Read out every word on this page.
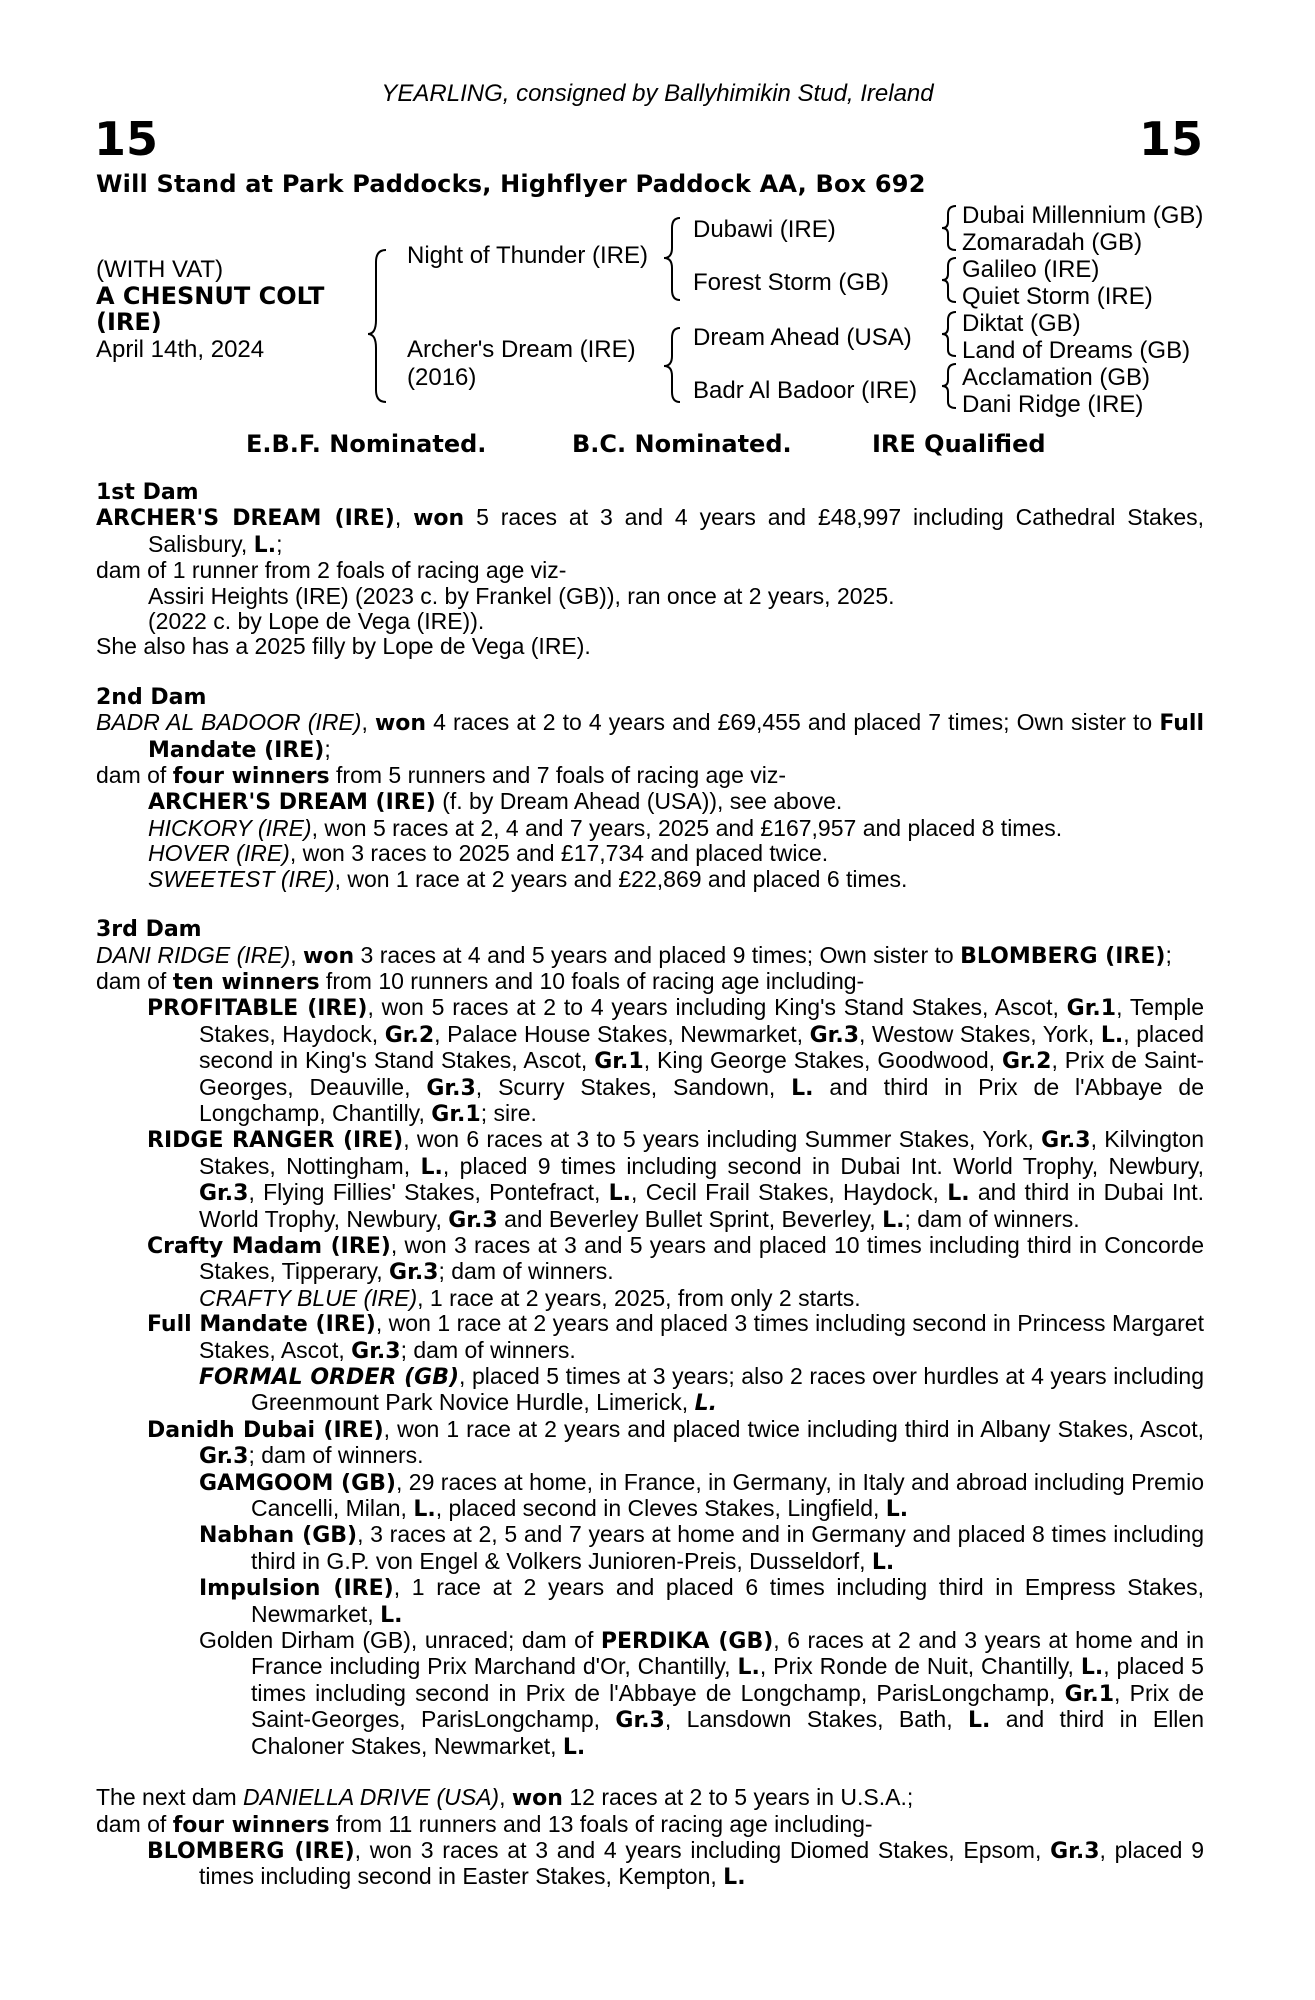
YEARLING, consigned by Ballyhimikin Stud, Ireland
15	15
Will Stand at Park Paddocks, Highflyer Paddock AA, Box 692
(WITH VAT)
A CHESNUT COLT
(IRE)
April 14th, 2024
Night of Thunder (IRE)
Archer's Dream (IRE)
(2016)
Dubawi (IRE)
Forest Storm (GB)
Dream Ahead (USA)
Badr Al Badoor (IRE)
Dubai Millennium (GB)
Zomaradah (GB)
Galileo (IRE)
Quiet Storm (IRE)
Diktat (GB)
Land of Dreams (GB)
Acclamation (GB)
Dani Ridge (IRE)
E.B.F. Nominated.	B.C. Nominated.	IRE Qualified

1st Dam

ARCHER'S DREAM (IRE), won 5 races at 3 and 4 years and £48,997 including Cathedral Stakes, Salisbury, L.;

dam of 1 runner from 2 foals of racing age viz-

Assiri Heights (IRE) (2023 c. by Frankel (GB)), ran once at 2 years, 2025.

(2022 c. by Lope de Vega (IRE)).

She also has a 2025 filly by Lope de Vega (IRE).

2nd Dam

BADR AL BADOOR (IRE), won 4 races at 2 to 4 years and £69,455 and placed 7 times; Own sister to Full Mandate (IRE);

dam of four winners from 5 runners and 7 foals of racing age viz-

ARCHER'S DREAM (IRE) (f. by Dream Ahead (USA)), see above.

HICKORY (IRE), won 5 races at 2, 4 and 7 years, 2025 and £167,957 and placed 8 times.

HOVER (IRE), won 3 races to 2025 and £17,734 and placed twice.

SWEETEST (IRE), won 1 race at 2 years and £22,869 and placed 6 times.

3rd Dam

DANI RIDGE (IRE), won 3 races at 4 and 5 years and placed 9 times; Own sister to BLOMBERG (IRE);

dam of ten winners from 10 runners and 10 foals of racing age including-

PROFITABLE (IRE), won 5 races at 2 to 4 years including King's Stand Stakes, Ascot, Gr.1, Temple Stakes, Haydock, Gr.2, Palace House Stakes, Newmarket, Gr.3, Westow Stakes, York, L., placed second in King's Stand Stakes, Ascot, Gr.1, King George Stakes, Goodwood, Gr.2, Prix de Saint-Georges, Deauville, Gr.3, Scurry Stakes, Sandown, L. and third in Prix de l'Abbaye de Longchamp, Chantilly, Gr.1; sire.

RIDGE RANGER (IRE), won 6 races at 3 to 5 years including Summer Stakes, York, Gr.3, Kilvington Stakes, Nottingham, L., placed 9 times including second in Dubai Int. World Trophy, Newbury, Gr.3, Flying Fillies' Stakes, Pontefract, L., Cecil Frail Stakes, Haydock, L. and third in Dubai Int. World Trophy, Newbury, Gr.3 and Beverley Bullet Sprint, Beverley, L.; dam of winners.

Crafty Madam (IRE), won 3 races at 3 and 5 years and placed 10 times including third in Concorde Stakes, Tipperary, Gr.3; dam of winners.

CRAFTY BLUE (IRE), 1 race at 2 years, 2025, from only 2 starts.

Full Mandate (IRE), won 1 race at 2 years and placed 3 times including second in Princess Margaret Stakes, Ascot, Gr.3; dam of winners.

FORMAL ORDER (GB), placed 5 times at 3 years; also 2 races over hurdles at 4 years including Greenmount Park Novice Hurdle, Limerick, L.

Danidh Dubai (IRE), won 1 race at 2 years and placed twice including third in Albany Stakes, Ascot, Gr.3; dam of winners.

GAMGOOM (GB), 29 races at home, in France, in Germany, in Italy and abroad including Premio Cancelli, Milan, L., placed second in Cleves Stakes, Lingfield, L.

Nabhan (GB), 3 races at 2, 5 and 7 years at home and in Germany and placed 8 times including third in G.P. von Engel & Volkers Junioren-Preis, Dusseldorf, L.

Impulsion (IRE), 1 race at 2 years and placed 6 times including third in Empress Stakes, Newmarket, L.

Golden Dirham (GB), unraced; dam of PERDIKA (GB), 6 races at 2 and 3 years at home and in France including Prix Marchand d'Or, Chantilly, L., Prix Ronde de Nuit, Chantilly, L., placed 5 times including second in Prix de l'Abbaye de Longchamp, ParisLongchamp, Gr.1, Prix de Saint-Georges, ParisLongchamp, Gr.3, Lansdown Stakes, Bath, L. and third in Ellen Chaloner Stakes, Newmarket, L.

The next dam DANIELLA DRIVE (USA), won 12 races at 2 to 5 years in U.S.A.;

dam of four winners from 11 runners and 13 foals of racing age including-

BLOMBERG (IRE), won 3 races at 3 and 4 years including Diomed Stakes, Epsom, Gr.3, placed 9 times including second in Easter Stakes, Kempton, L.
